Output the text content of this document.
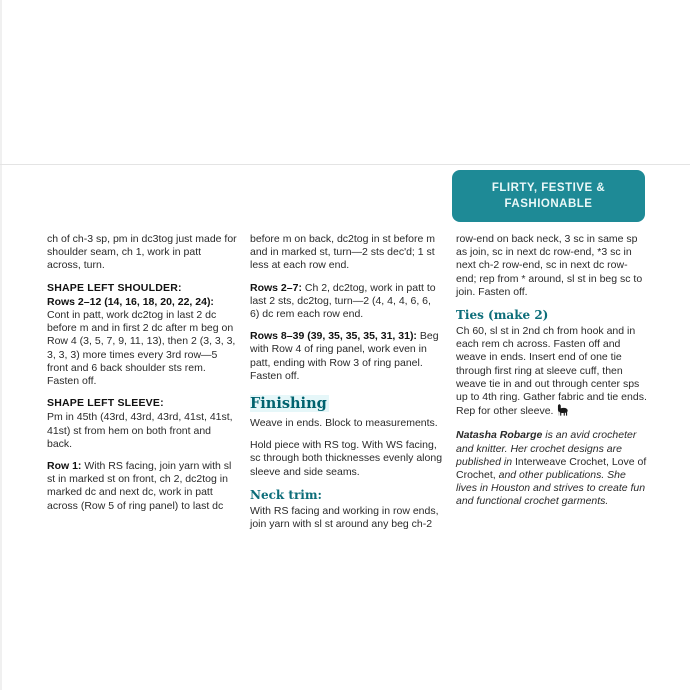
FLIRTY, FESTIVE &
FASHIONABLE

ch of ch-3 sp, pm in dc3tog just made for shoulder seam, ch 1, work in patt across, turn.

SHAPE LEFT SHOULDER:

Rows 2–12 (14, 16, 18, 20, 22, 24): Cont in patt, work dc2tog in last 2 dc before m and in first 2 dc after m beg on Row 4 (3, 5, 7, 9, 11, 13), then 2 (3, 3, 3, 3, 3, 3) more times every 3rd row—5 front and 6 back shoulder sts rem. Fasten off.

SHAPE LEFT SLEEVE:

Pm in 45th (43rd, 43rd, 43rd, 41st, 41st, 41st) st from hem on both front and back.

Row 1: With RS facing, join yarn with sl st in marked st on front, ch 2, dc2tog in marked dc and next dc, work in patt across (Row 5 of ring panel) to last dc

before m on back, dc2tog in st before m and in marked st, turn—2 sts dec'd; 1 st less at each row end.

Rows 2–7: Ch 2, dc2tog, work in patt to last 2 sts, dc2tog, turn—2 (4, 4, 4, 6, 6, 6) dc rem each row end.

Rows 8–39 (39, 35, 35, 35, 31, 31): Beg with Row 4 of ring panel, work even in patt, ending with Row 3 of ring panel. Fasten off.

Finishing

Weave in ends. Block to measurements.

Hold piece with RS tog. With WS facing, sc through both thicknesses evenly along sleeve and side seams.

Neck trim:

With RS facing and working in row ends, join yarn with sl st around any beg ch-2

row-end on back neck, 3 sc in same sp as join, sc in next dc row-end, *3 sc in next ch-2 row-end, sc in next dc row-end; rep from * around, sl st in beg sc to join. Fasten off.

Ties (make 2)

Ch 60, sl st in 2nd ch from hook and in each rem ch across. Fasten off and weave in ends. Insert end of one tie through first ring at sleeve cuff, then weave tie in and out through center sps up to 4th ring. Gather fabric and tie ends. Rep for other sleeve.

Natasha Robarge is an avid crocheter and knitter. Her crochet designs are published in Interweave Crochet, Love of Crochet, and other publications. She lives in Houston and strives to create fun and functional crochet garments.
